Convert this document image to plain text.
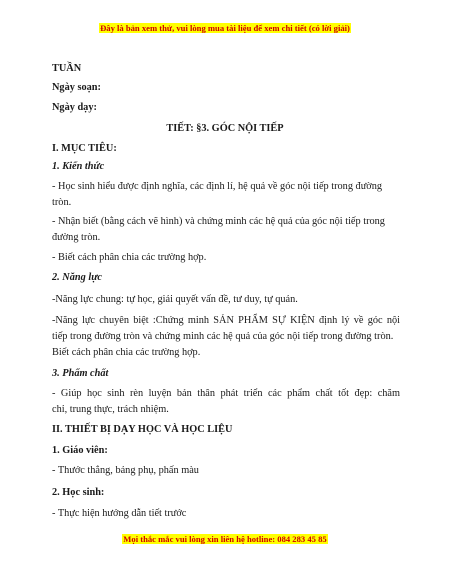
Đây là bản xem thử, vui lòng mua tài liệu để xem chi tiết (có lời giải)
TUẦN
Ngày soạn:
Ngày dạy:
TIẾT: §3. GÓC NỘI TIẾP
I. MỤC TIÊU:
1. Kiến thức
- Học sinh hiểu được định nghĩa, các định lí, hệ quả về góc nội tiếp trong đường
tròn.
- Nhận biết (bằng cách vẽ hình) và chứng minh các hệ quả của góc nội tiếp trong
đường tròn.
- Biết cách phân chia các trường hợp.
2. Năng lực
-Năng lực chung: tự học, giải quyết vấn đề, tư duy, tự quản.
-Năng lực chuyên biệt :Chứng minh SẢN PHẨM SỰ KIỆN định lý về góc nội
tiếp trong đường tròn và chứng minh các hệ quả của góc nội tiếp trong đường tròn.
Biết cách phân chia các trường hợp.
3. Phẩm chất
- Giúp học sinh rèn luyện bản thân phát triển các phẩm chất tốt đẹp: chăm
chỉ, trung thực, trách nhiệm.
II. THIẾT BỊ DẠY HỌC VÀ HỌC LIỆU
1. Giáo viên:
- Thước thẳng, bảng phụ, phấn màu
2. Học sinh:
- Thực hiện hướng dẫn tiết trước
Mọi thắc mắc vui lòng xin liên hệ hotline: 084 283 45 85
